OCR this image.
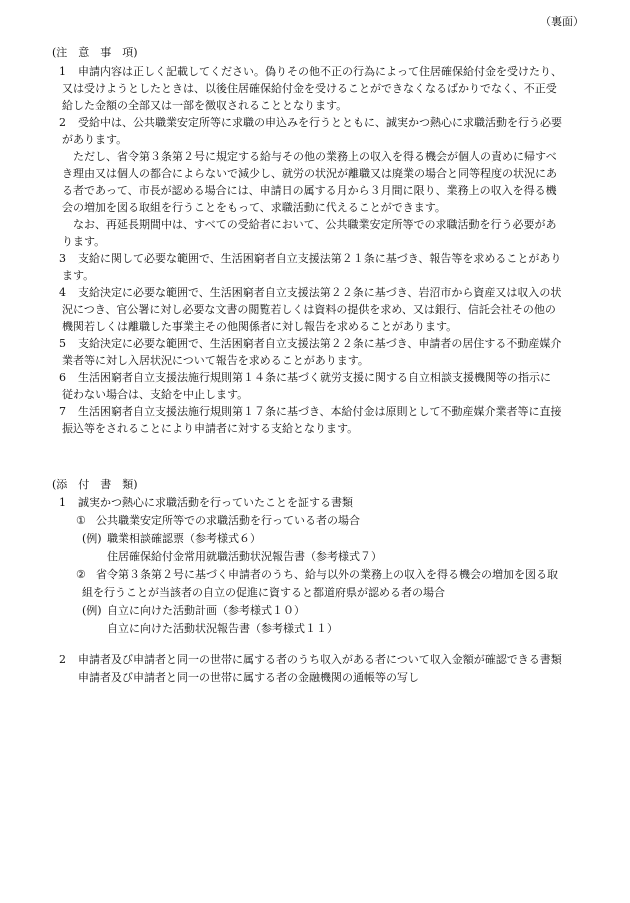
（裏面）
(注　意　事　項)
1 申請内容は正しく記載してください。偽りその他不正の行為によって住居確保給付金を受けたり、
又は受けようとしたときは、以後住居確保給付金を受けることができなくなるばかりでなく、不正受
給した金額の全部又は一部を徴収されることとなります。
2 受給中は、公共職業安定所等に求職の申込みを行うとともに、誠実かつ熱心に求職活動を行う必要
があります。
　ただし、省令第３条第２号に規定する給与その他の業務上の収入を得る機会が個人の責めに帰すべ
き理由又は個人の都合によらないで減少し、就労の状況が離職又は廃業の場合と同等程度の状況にあ
る者であって、市長が認める場合には、申請日の属する月から３月間に限り、業務上の収入を得る機
会の増加を図る取組を行うことをもって、求職活動に代えることができます。
　なお、再延長期間中は、すべての受給者において、公共職業安定所等での求職活動を行う必要があ
ります。
3 支給に関して必要な範囲で、生活困窮者自立支援法第２１条に基づき、報告等を求めることがあり
ます。
4 支給決定に必要な範囲で、生活困窮者自立支援法第２２条に基づき、岩沼市から資産又は収入の状
況につき、官公署に対し必要な文書の閲覧若しくは資料の提供を求め、又は銀行、信託会社その他の
機関若しくは離職した事業主その他関係者に対し報告を求めることがあります。
5 支給決定に必要な範囲で、生活困窮者自立支援法第２２条に基づき、申請者の居住する不動産媒介
業者等に対し入居状況について報告を求めることがあります。
6 生活困窮者自立支援法施行規則第１４条に基づく就労支援に関する自立相談支援機関等の指示に
従わない場合は、支給を中止します。
7 生活困窮者自立支援法施行規則第１７条に基づき、本給付金は原則として不動産媒介業者等に直接
振込等をされることにより申請者に対する支給となります。
(添　付　書　類)
1 誠実かつ熱心に求職活動を行っていたことを証する書類
① 公共職業安定所等での求職活動を行っている者の場合
(例) 職業相談確認票（参考様式６）
住居確保給付金常用就職活動状況報告書（参考様式７）
② 省令第３条第２号に基づく申請者のうち、給与以外の業務上の収入を得る機会の増加を図る取
組を行うことが当該者の自立の促進に資すると都道府県が認める者の場合
(例) 自立に向けた活動計画（参考様式１０）
自立に向けた活動状況報告書（参考様式１１）
2 申請者及び申請者と同一の世帯に属する者のうち収入がある者について収入金額が確認できる書類
申請者及び申請者と同一の世帯に属する者の金融機関の通帳等の写し
